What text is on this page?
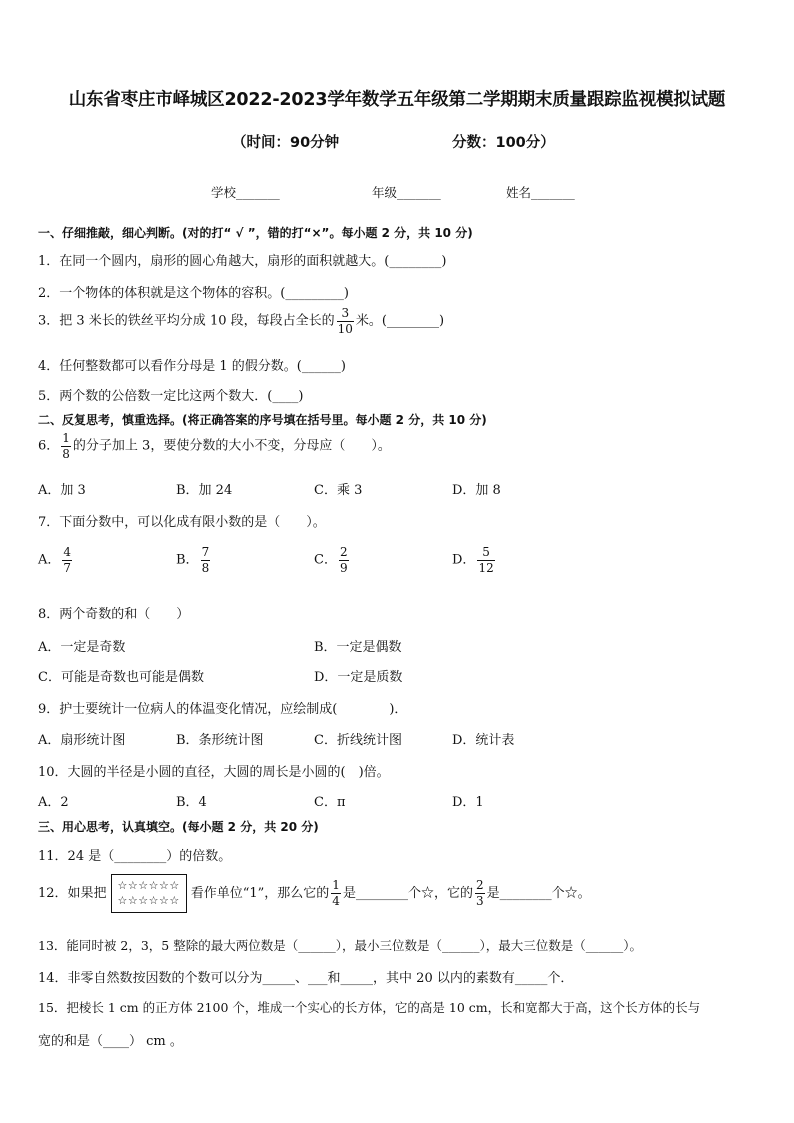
山东省枣庄市峄城区2022-2023学年数学五年级第二学期期末质量跟踪监视模拟试题
（时间：90分钟	分数：100分）
学校_______	年级_______	姓名_______
一、仔细推敲，细心判断。(对的打“ √ ”，错的打“×”。每小题 2 分，共 10 分)
1．在同一个圆内，扇形的圆心角越大，扇形的面积就越大。(________)
2．一个物体的体积就是这个物体的容积。(_________)
3．把 3 米长的铁丝平均分成 10 段，每段占全长的 $\frac{3}{10}$ 米。(________)
4．任何整数都可以看作分母是 1 的假分数。(______)
5．两个数的公倍数一定比这两个数大．(____)
二、反复思考，慎重选择。(将正确答案的序号填在括号里。每小题 2 分，共 10 分)
6． $\frac{1}{8}$ 的分子加上 3，要使分数的大小不变，分母应（　　）。
A．加 3	B．加 24	C．乘 3	D．加 8
7．下面分数中，可以化成有限小数的是（　　）。
A． $\frac{4}{7}$	B． $\frac{7}{8}$	C． $\frac{2}{9}$	D． $\frac{5}{12}$
8．两个奇数的和（　　）
A．一定是奇数	B．一定是偶数
C．可能是奇数也可能是偶数	D．一定是质数
9．护士要统计一位病人的体温变化情况，应绘制成(　　　　)．
A．扇形统计图	B．条形统计图	C．折线统计图	D．统计表
10．大圆的半径是小圆的直径，大圆的周长是小圆的(　)倍。
A．2	B．4	C．π	D．1
三、用心思考，认真填空。(每小题 2 分，共 20 分)
11．24 是（________）的倍数。
12．如果把
☆☆☆☆☆☆
☆☆☆☆☆☆ 看作单位“1”，那么它的 $\frac{1}{4}$ 是________个☆，它的 $\frac{2}{3}$ 是________个☆。
13．能同时被 2，3，5 整除的最大两位数是（______），最小三位数是（______），最大三位数是（______）。
14．非零自然数按因数的个数可以分为_____、___和_____，其中 20 以内的素数有_____个．
15．把棱长 1 cm 的正方体 2100 个，堆成一个实心的长方体，它的高是 10 cm，长和宽都大于高，这个长方体的长与
宽的和是（____） cm 。
